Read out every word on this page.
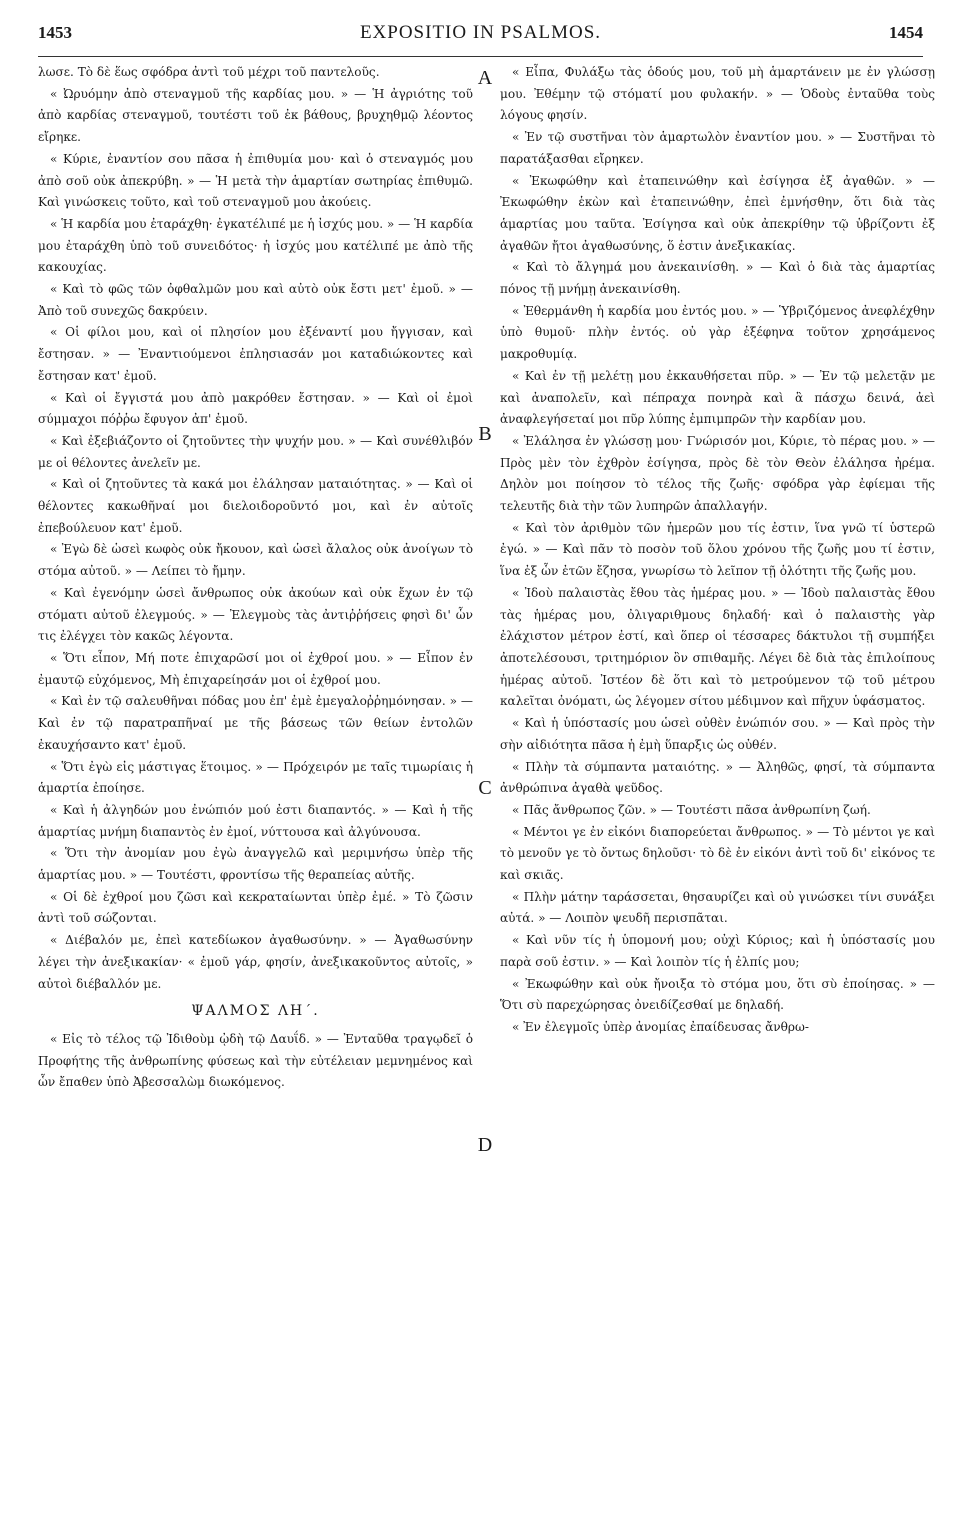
1453	EXPOSITIO IN PSALMOS.	1454

λωσε. Τὸ δὲ ἕως σφόδρα ἀντὶ τοῦ μέχρι τοῦ παντελοῦς.

« Ὠρυόμην ἀπὸ στεναγμοῦ τῆς καρδίας μου. » — Ἡ ἀγριότης τοῦ ἀπὸ καρδίας στεναγμοῦ, τουτέστι τοῦ ἐκ βάθους, βρυχηθμῷ λέοντος εἴρηκε.

« Κύριε, ἐναντίον σου πᾶσα ἡ ἐπιθυμία μου· καὶ ὁ στεναγμός μου ἀπὸ σοῦ οὐκ ἀπεκρύβη. » — Ἡ μετὰ τὴν ἁμαρτίαν σωτηρίας ἐπιθυμῶ. Καὶ γινώσκεις τοῦτο, καὶ τοῦ στεναγμοῦ μου ἀκούεις.

« Ἡ καρδία μου ἐταράχθη· ἐγκατέλιπέ με ἡ ἰσχύς μου. » — Ἡ καρδία μου ἐταράχθη ὑπὸ τοῦ συνειδότος· ἡ ἰσχύς μου κατέλιπέ με ἀπὸ τῆς κακουχίας.

« Καὶ τὸ φῶς τῶν ὀφθαλμῶν μου καὶ αὐτὸ οὐκ ἔστι μετ' ἐμοῦ. » — Ἀπὸ τοῦ συνεχῶς δακρύειν.

« Οἱ φίλοι μου, καὶ οἱ πλησίον μου ἐξέναντί μου ἤγγισαν, καὶ ἔστησαν. » — Ἐναντιούμενοι ἐπλησιασάν μοι καταδιώκοντες καὶ ἔστησαν κατ' ἐμοῦ.

« Καὶ οἱ ἔγγιστά μου ἀπὸ μακρόθεν ἔστησαν. » — Καὶ οἱ ἐμοὶ σύμμαχοι πόῤῥω ἔφυγον ἀπ' ἐμοῦ.

« Καὶ ἐξεβιάζοντο οἱ ζητοῦντες τὴν ψυχήν μου. » — Καὶ συνέθλιβόν με οἱ θέλοντες ἀνελεῖν με.

« Καὶ οἱ ζητοῦντες τὰ κακά μοι ἐλάλησαν ματαιότητας. » — Καὶ οἱ θέλοντες κακωθῆναί μοι διελοιδοροῦντό μοι, καὶ ἐν αὐτοῖς ἐπεβούλευον κατ' ἐμοῦ.

« Ἐγὼ δὲ ὡσεὶ κωφὸς οὐκ ἤκουον, καὶ ὡσεὶ ἄλαλος οὐκ ἀνοίγων τὸ στόμα αὐτοῦ. » — Λείπει τὸ ἤμην.

« Καὶ ἐγενόμην ὡσεὶ ἄνθρωπος οὐκ ἀκούων καὶ οὐκ ἔχων ἐν τῷ στόματι αὐτοῦ ἐλεγμούς. » — Ἐλεγμοὺς τὰς ἀντιῤῥήσεις φησὶ δι' ὧν τις ἐλέγχει τὸν κακῶς λέγοντα.

« Ὅτι εἶπον, Μή ποτε ἐπιχαρῶσί μοι οἱ ἐχθροί μου. » — Εἶπον ἐν ἐμαυτῷ εὐχόμενος, Μὴ ἐπιχαρείησάν μοι οἱ ἐχθροί μου.

« Καὶ ἐν τῷ σαλευθῆναι πόδας μου ἐπ' ἐμὲ ἐμεγαλοῤῥημόνησαν. » — Καὶ ἐν τῷ παρατραπῆναί με τῆς βάσεως τῶν θείων ἐντολῶν ἐκαυχήσαντο κατ' ἐμοῦ.

« Ὅτι ἐγὼ εἰς μάστιγας ἕτοιμος. » — Πρόχειρόν με ταῖς τιμωρίαις ἡ ἁμαρτία ἐποίησε.

« Καὶ ἡ ἀλγηδών μου ἐνώπιόν μού ἐστι διαπαντός. » — Καὶ ἡ τῆς ἁμαρτίας μνήμη διαπαντὸς ἐν ἐμοί, νύττουσα καὶ ἀλγύνουσα.

« Ὅτι τὴν ἀνομίαν μου ἐγὼ ἀναγγελῶ καὶ μεριμνήσω ὑπὲρ τῆς ἁμαρτίας μου. » — Τουτέστι, φροντίσω τῆς θεραπείας αὐτῆς.

« Οἱ δὲ ἐχθροί μου ζῶσι καὶ κεκραταίωνται ὑπὲρ ἐμέ. » Τὸ ζῶσιν ἀντὶ τοῦ σώζονται.

« Διέβαλόν με, ἐπεὶ κατεδίωκον ἀγαθωσύνην. » — Ἀγαθωσύνην λέγει τὴν ἀνεξικακίαν· « ἐμοῦ γάρ, φησίν, ἀνεξικακοῦντος αὐτοῖς, » αὐτοὶ διέβαλλόν με.

ΨΑΛΜΟΣ ΛΗ΄.

« Εἰς τὸ τέλος τῷ Ἰδιθοὺμ ᾠδὴ τῷ Δαυΐδ. » — Ἐνταῦθα τραγῳδεῖ ὁ Προφήτης τῆς ἀνθρωπίνης φύσεως καὶ τὴν εὐτέλειαν μεμνημένος καὶ ὧν ἔπαθεν ὑπὸ Ἀβεσσαλὼμ διωκόμενος.

A
B
C
D

« Εἶπα, Φυλάξω τὰς ὁδούς μου, τοῦ μὴ ἁμαρτάνειν με ἐν γλώσσῃ μου. Ἐθέμην τῷ στόματί μου φυλακήν. » — Ὁδοὺς ἐνταῦθα τοὺς λόγους φησίν.

« Ἐν τῷ συστῆναι τὸν ἁμαρτωλὸν ἐναντίον μου. » — Συστῆναι τὸ παρατάξασθαι εἴρηκεν.

« Ἐκωφώθην καὶ ἐταπεινώθην καὶ ἐσίγησα ἐξ ἀγαθῶν. » — Ἐκωφώθην ἑκὼν καὶ ἐταπεινώθην, ἐπεὶ ἐμνήσθην, ὅτι διὰ τὰς ἁμαρτίας μου ταῦτα. Ἐσίγησα καὶ οὐκ ἀπεκρίθην τῷ ὑβρίζοντι ἐξ ἀγαθῶν ἤτοι ἀγαθωσύνης, ὅ ἐστιν ἀνεξικακίας.

« Καὶ τὸ ἄλγημά μου ἀνεκαινίσθη. » — Καὶ ὁ διὰ τὰς ἁμαρτίας πόνος τῇ μνήμῃ ἀνεκαινίσθη.

« Ἐθερμάνθη ἡ καρδία μου ἐντός μου. » — Ὑβριζόμενος ἀνεφλέχθην ὑπὸ θυμοῦ· πλὴν ἐντός. οὐ γὰρ ἐξέφηνα τοῦτον χρησάμενος μακροθυμίᾳ.

« Καὶ ἐν τῇ μελέτῃ μου ἐκκαυθήσεται πῦρ. » — Ἐν τῷ μελετᾷν με καὶ ἀναπολεῖν, καὶ πέπραχα πονηρὰ καὶ ἃ πάσχω δεινά, ἀεὶ ἀναφλεγήσεταί μοι πῦρ λύπης ἐμπιμπρῶν τὴν καρδίαν μου.

« Ἐλάλησα ἐν γλώσσῃ μου· Γνώρισόν μοι, Κύριε, τὸ πέρας μου. » — Πρὸς μὲν τὸν ἐχθρὸν ἐσίγησα, πρὸς δὲ τὸν Θεὸν ἐλάλησα ἠρέμα. Δηλὸν μοι ποίησον τὸ τέλος τῆς ζωῆς· σφόδρα γὰρ ἐφίεμαι τῆς τελευτῆς διὰ τὴν τῶν λυπηρῶν ἀπαλλαγήν.

« Καὶ τὸν ἀριθμὸν τῶν ἡμερῶν μου τίς ἐστιν, ἵνα γνῶ τί ὑστερῶ ἐγώ. » — Καὶ πᾶν τὸ ποσὸν τοῦ ὅλου χρόνου τῆς ζωῆς μου τί ἐστιν, ἵνα ἐξ ὧν ἐτῶν ἔζησα, γνωρίσω τὸ λεῖπον τῇ ὁλότητι τῆς ζωῆς μου.

« Ἰδοὺ παλαιστὰς ἔθου τὰς ἡμέρας μου. » — Ἰδοὺ παλαιστὰς ἔθου τὰς ἡμέρας μου, ὀλιγαριθμους δηλαδή· καὶ ὁ παλαιστὴς γὰρ ἐλάχιστον μέτρον ἐστί, καὶ ὅπερ οἱ τέσσαρες δάκτυλοι τῇ συμπήξει ἀποτελέσουσι, τριτημόριον ὂν σπιθαμῆς. Λέγει δὲ διὰ τὰς ἐπιλοίπους ἡμέρας αὐτοῦ. Ἰστέον δὲ ὅτι καὶ τὸ μετρούμενον τῷ τοῦ μέτρου καλεῖται ὀνόματι, ὡς λέγομεν σίτου μέδιμνον καὶ πῆχυν ὑφάσματος.

« Καὶ ἡ ὑπόστασίς μου ὡσεὶ οὐθὲν ἐνώπιόν σου. » — Καὶ πρὸς τὴν σὴν αἰδιότητα πᾶσα ἡ ἐμὴ ὕπαρξις ὡς οὐθέν.

« Πλὴν τὰ σύμπαντα ματαιότης. » — Ἀληθῶς, φησί, τὰ σύμπαντα ἀνθρώπινα ἀγαθὰ ψεῦδος.

« Πᾶς ἄνθρωπος ζῶν. » — Τουτέστι πᾶσα ἀνθρωπίνη ζωή.

« Μέντοι γε ἐν εἰκόνι διαπορεύεται ἄνθρωπος. » — Τὸ μέντοι γε καὶ τὸ μενοῦν γε τὸ ὄντως δηλοῦσι· τὸ δὲ ἐν εἰκόνι ἀντὶ τοῦ δι' εἰκόνος τε καὶ σκιᾶς.

« Πλὴν μάτην ταράσσεται, θησαυρίζει καὶ οὐ γινώσκει τίνι συνάξει αὐτά. » — Λοιπὸν ψευδῆ περισπᾶται.

« Καὶ νῦν τίς ἡ ὑπομονή μου; οὐχὶ Κύριος; καὶ ἡ ὑπόστασίς μου παρὰ σοῦ ἐστιν. » — Καὶ λοιπὸν τίς ἡ ἐλπίς μου;

« Ἐκωφώθην καὶ οὐκ ἤνοιξα τὸ στόμα μου, ὅτι σὺ ἐποίησας. » — Ὅτι σὺ παρεχώρησας ὀνειδίζεσθαί με δηλαδή.

« Ἐν ἐλεγμοῖς ὑπὲρ ἀνομίας ἐπαίδευσας ἄνθρω-
